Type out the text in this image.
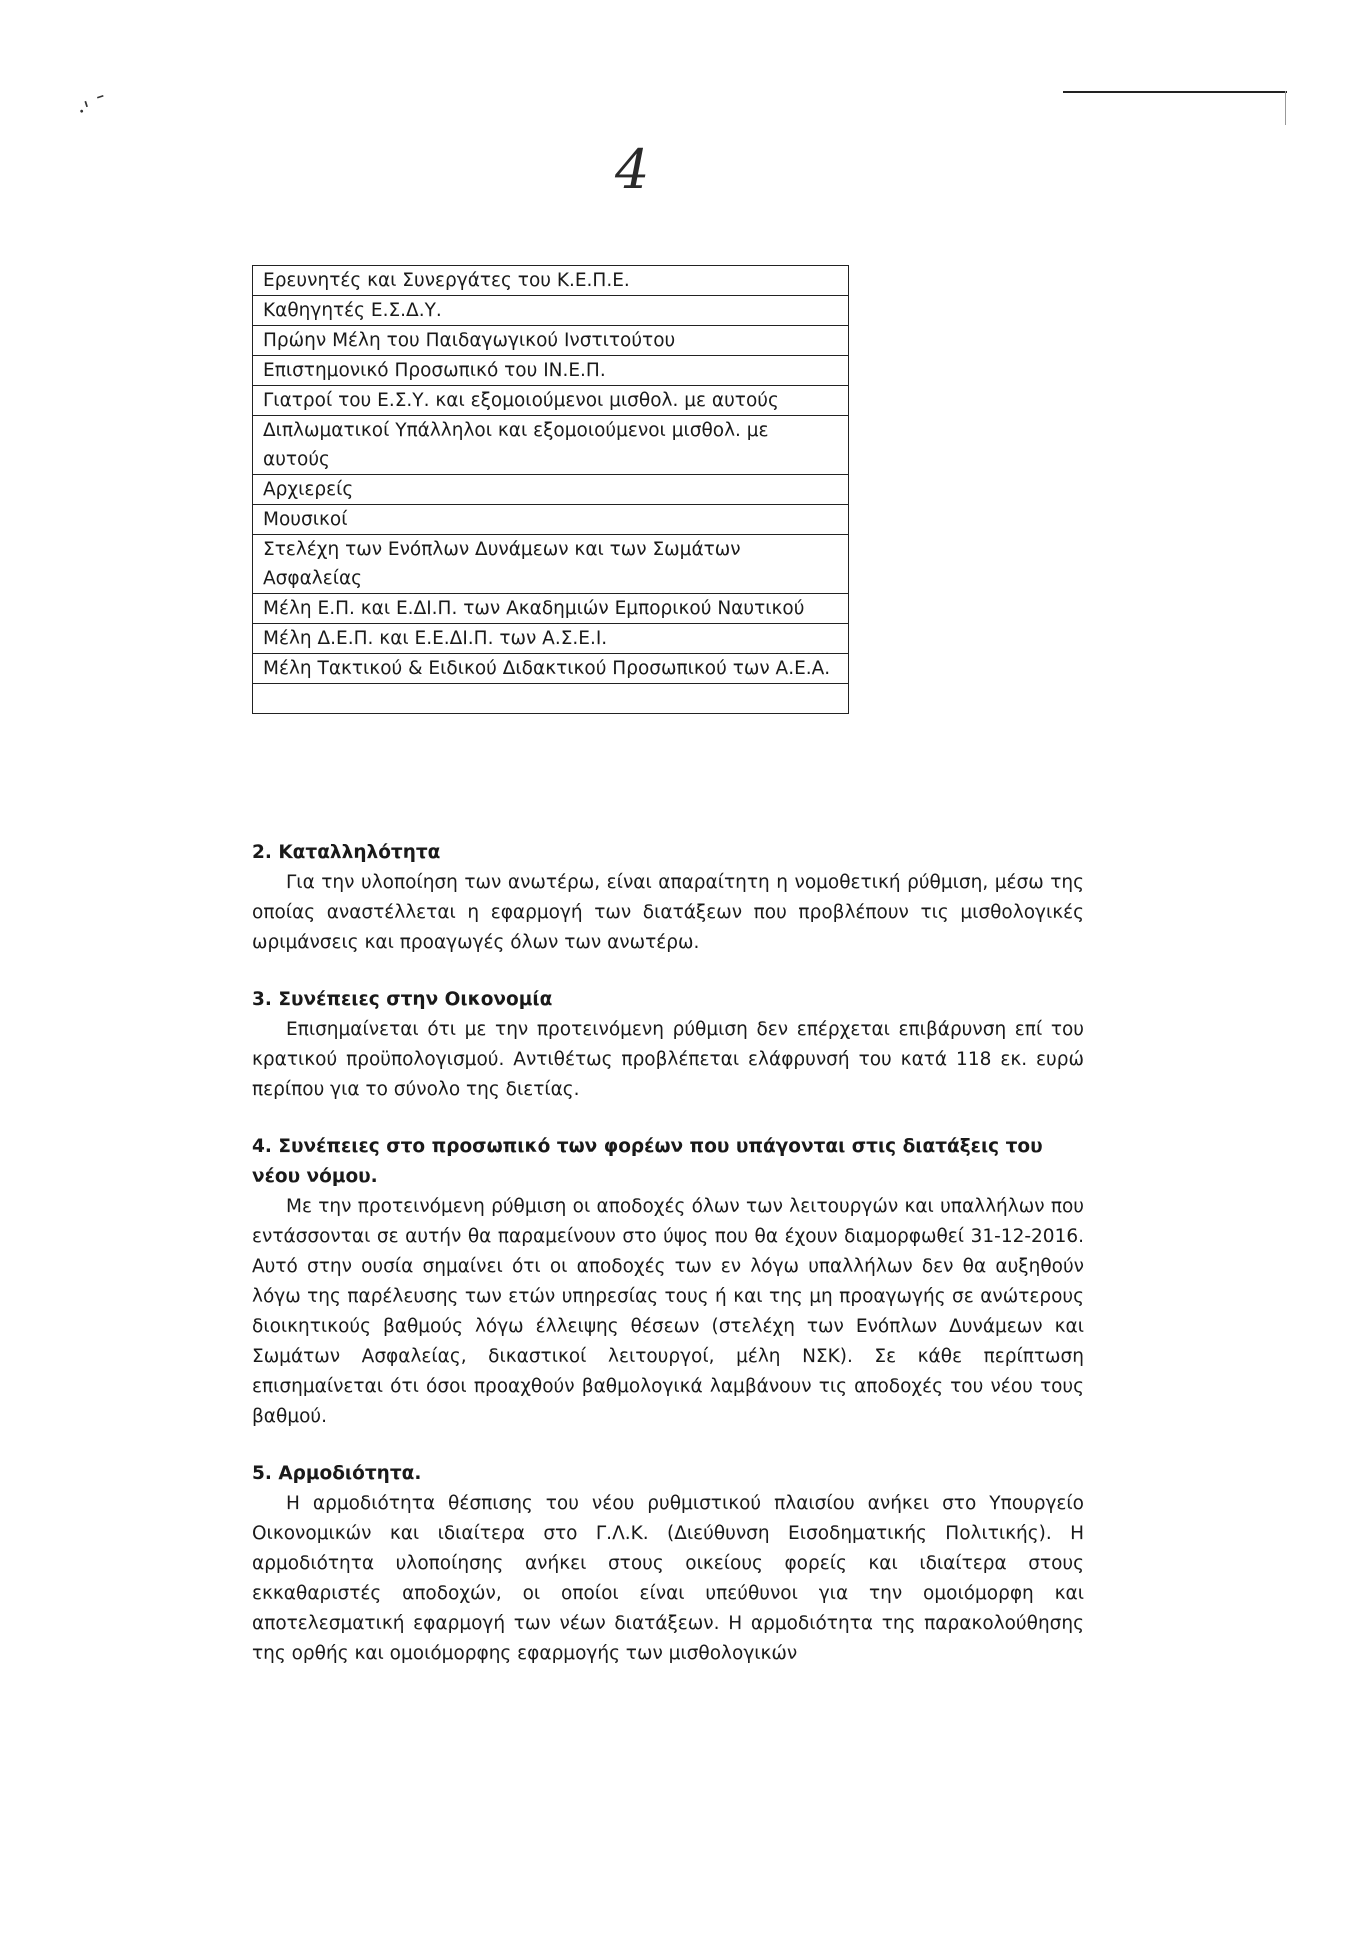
·' ˉ
4
Ερευνητές και Συνεργάτες του Κ.Ε.Π.Ε.
Καθηγητές Ε.Σ.Δ.Υ.
Πρώην Μέλη του Παιδαγωγικού Ινστιτούτου
Επιστημονικό Προσωπικό του ΙΝ.Ε.Π.
Γιατροί του Ε.Σ.Υ. και εξομοιούμενοι μισθολ. με αυτούς
Διπλωματικοί Υπάλληλοι και εξομοιούμενοι μισθολ. με αυτούς
Αρχιερείς
Μουσικοί
Στελέχη των Ενόπλων Δυνάμεων και των Σωμάτων Ασφαλείας
Μέλη Ε.Π. και Ε.ΔΙ.Π. των Ακαδημιών Εμπορικού Ναυτικού
Μέλη Δ.Ε.Π. και Ε.Ε.ΔΙ.Π. των Α.Σ.Ε.Ι.
Μέλη Τακτικού & Ειδικού Διδακτικού Προσωπικού των Α.Ε.Α.

2. Καταλληλότητα

Για την υλοποίηση των ανωτέρω, είναι απαραίτητη η νομοθετική ρύθμιση, μέσω της οποίας αναστέλλεται η εφαρμογή των διατάξεων που προβλέπουν τις μισθολογικές ωριμάνσεις και προαγωγές όλων των ανωτέρω.

3. Συνέπειες στην Οικονομία

Επισημαίνεται ότι με την προτεινόμενη ρύθμιση δεν επέρχεται επιβάρυνση επί του κρατικού προϋπολογισμού. Αντιθέτως προβλέπεται ελάφρυνσή του κατά 118 εκ. ευρώ περίπου για το σύνολο της διετίας.

4. Συνέπειες στο προσωπικό των φορέων που υπάγονται στις διατάξεις του νέου νόμου.

Με την προτεινόμενη ρύθμιση οι αποδοχές όλων των λειτουργών και υπαλλήλων που εντάσσονται σε αυτήν θα παραμείνουν στο ύψος που θα έχουν διαμορφωθεί 31-12-2016. Αυτό στην ουσία σημαίνει ότι οι αποδοχές των εν λόγω υπαλλήλων δεν θα αυξηθούν λόγω της παρέλευσης των ετών υπηρεσίας τους ή και της μη προαγωγής σε ανώτερους διοικητικούς βαθμούς λόγω έλλειψης θέσεων (στελέχη των Ενόπλων Δυνάμεων και Σωμάτων Ασφαλείας, δικαστικοί λειτουργοί, μέλη ΝΣΚ). Σε κάθε περίπτωση επισημαίνεται ότι όσοι προαχθούν βαθμολογικά λαμβάνουν τις αποδοχές του νέου τους βαθμού.

5. Αρμοδιότητα.

Η αρμοδιότητα θέσπισης του νέου ρυθμιστικού πλαισίου ανήκει στο Υπουργείο Οικονομικών και ιδιαίτερα στο Γ.Λ.Κ. (Διεύθυνση Εισοδηματικής Πολιτικής). Η αρμοδιότητα υλοποίησης ανήκει στους οικείους φορείς και ιδιαίτερα στους εκκαθαριστές αποδοχών, οι οποίοι είναι υπεύθυνοι για την ομοιόμορφη και αποτελεσματική εφαρμογή των νέων διατάξεων. Η αρμοδιότητα της παρακολούθησης της ορθής και ομοιόμορφης εφαρμογής των μισθολογικών
